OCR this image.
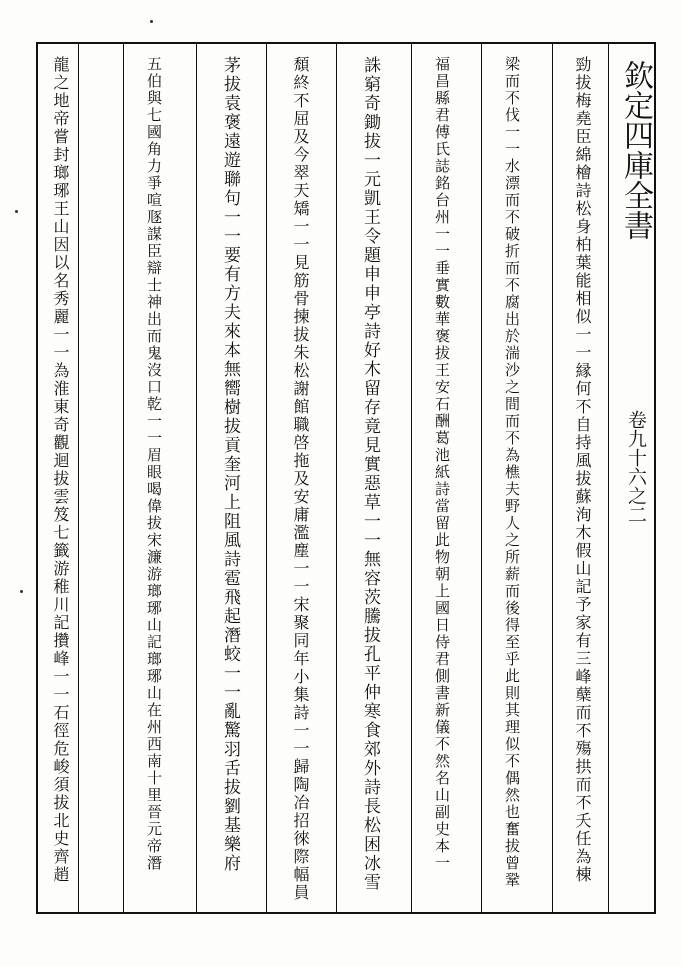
欽定四庫全書
卷九十六之二
勁拔梅堯臣綿檜詩松身柏葉能相似一一縁何不自持風拔蘇洵木假山記予家有三峰蘖而不殤拱而不夭任為棟
梁而不伐一一水漂而不破折而不腐出於湍沙之間而不為樵夫野人之所薪而後得至乎此則其理似不偶然也奮拔曾鞏
福昌縣君傅氏誌銘台州一一垂實數華褒拔王安石酬葛池紙詩當留此物朝上國日侍君側書新儀不然名山副史本一
誅窮奇鋤拔一元凱王令題申申亭詩好木留存竟見實惡草一一無容茨騰拔孔平仲寒食郊外詩長松困冰雪
頹終不屈及今翠天矯一一見筋骨揀拔朱松謝館職啓拖及安庸濫塵一一宋聚同年小集詩一一歸陶冶招徠際幅員
茅拔袁褒遠遊聯句一一要有方夫來本無嚮樹拔貢奎河上阻風詩雹飛起潛蛟一一亂驚羽舌拔劉基樂府
五伯與七國角力爭喧豗謀臣辯士神出而鬼沒口乾一一眉眼喝偉拔宋濂游瑯琊山記瑯琊山在州西南十里晉元帝潛
龍之地帝嘗封瑯琊王山因以名秀麗一一為淮東奇觀迴拔雲笈七籤游稚川記攢峰一一石徑危峻須拔北史齊趙
